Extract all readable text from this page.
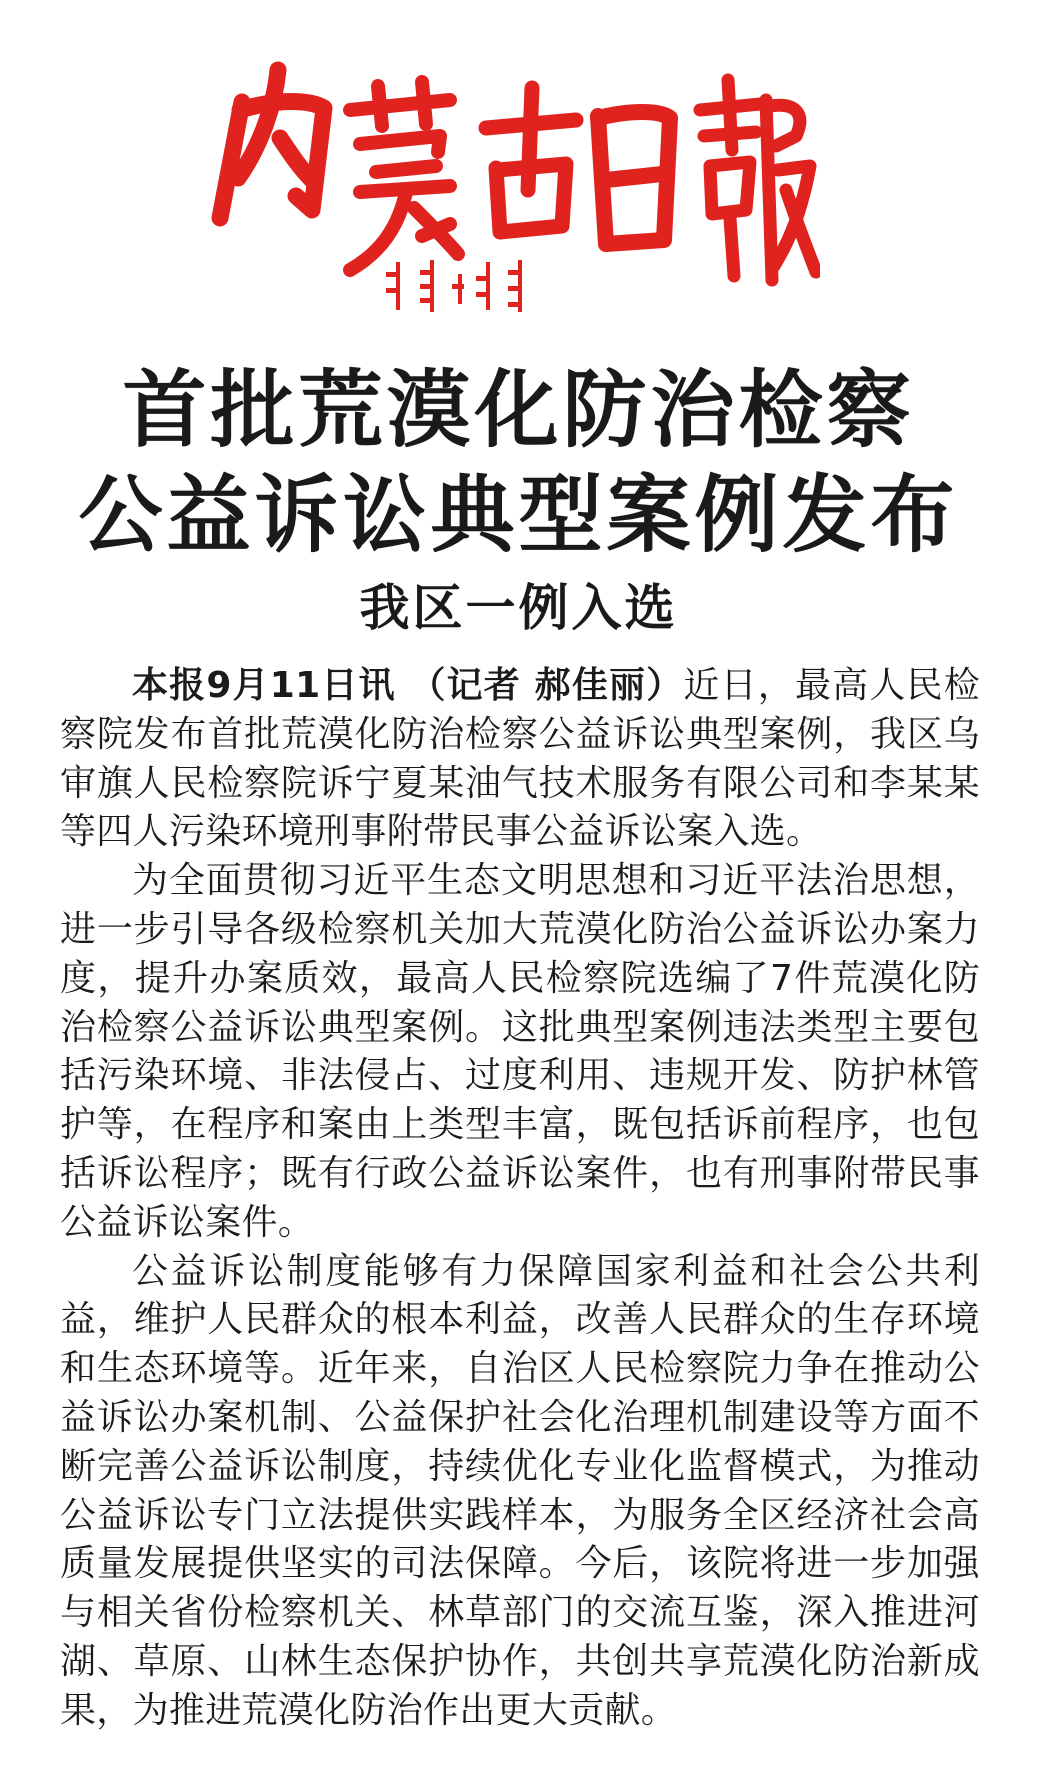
首批荒漠化防治检察
公益诉讼典型案例发布
我区一例入选

本报9月11日讯 （记者 郝佳丽）近日，最高人民检察院发布首批荒漠化防治检察公益诉讼典型案例，我区乌审旗人民检察院诉宁夏某油气技术服务有限公司和李某某等四人污染环境刑事附带民事公益诉讼案入选。

为全面贯彻习近平生态文明思想和习近平法治思想，进一步引导各级检察机关加大荒漠化防治公益诉讼办案力度，提升办案质效，最高人民检察院选编了7件荒漠化防治检察公益诉讼典型案例。这批典型案例违法类型主要包括污染环境、非法侵占、过度利用、违规开发、防护林管护等，在程序和案由上类型丰富，既包括诉前程序，也包括诉讼程序；既有行政公益诉讼案件，也有刑事附带民事公益诉讼案件。

公益诉讼制度能够有力保障国家利益和社会公共利益，维护人民群众的根本利益，改善人民群众的生存环境和生态环境等。近年来，自治区人民检察院力争在推动公益诉讼办案机制、公益保护社会化治理机制建设等方面不断完善公益诉讼制度，持续优化专业化监督模式，为推动公益诉讼专门立法提供实践样本，为服务全区经济社会高质量发展提供坚实的司法保障。今后，该院将进一步加强与相关省份检察机关、林草部门的交流互鉴，深入推进河湖、草原、山林生态保护协作，共创共享荒漠化防治新成果，为推进荒漠化防治作出更大贡献。
